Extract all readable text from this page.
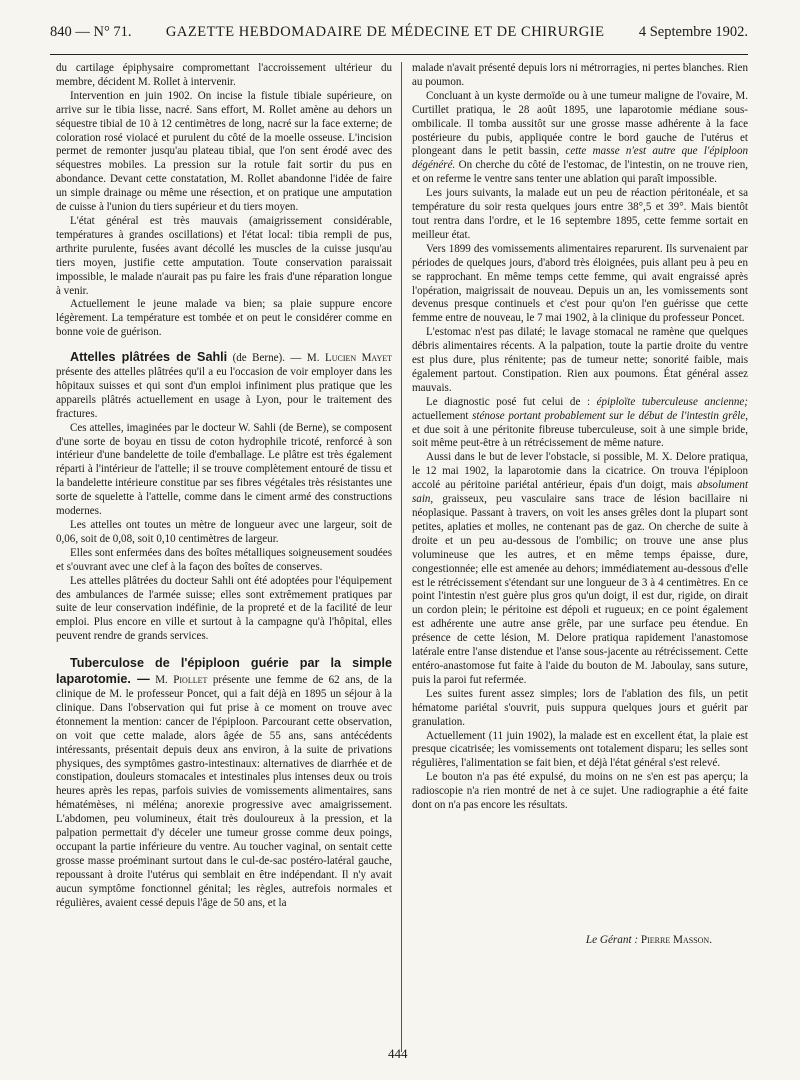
840 — N° 71. GAZETTE HEBDOMADAIRE DE MÉDECINE ET DE CHIRURGIE 4 Septembre 1902.

du cartilage épiphysaire compromettant l'accroissement ultérieur du membre, décident M. Rollet à intervenir.

Intervention en juin 1902. On incise la fistule tibiale supérieure, on arrive sur le tibia lisse, nacré. Sans effort, M. Rollet amène au dehors un séquestre tibial de 10 à 12 centimètres de long, nacré sur la face externe; de coloration rosé violacé et purulent du côté de la moelle osseuse. L'incision permet de remonter jusqu'au plateau tibial, que l'on sent érodé avec des séquestres mobiles. La pression sur la rotule fait sortir du pus en abondance. Devant cette constatation, M. Rollet abandonne l'idée de faire un simple drainage ou même une résection, et on pratique une amputation de cuisse à l'union du tiers supérieur et du tiers moyen.

L'état général est très mauvais (amaigrissement considérable, températures à grandes oscillations) et l'état local: tibia rempli de pus, arthrite purulente, fusées avant décollé les muscles de la cuisse jusqu'au tiers moyen, justifie cette amputation. Toute conservation paraissait impossible, le malade n'aurait pas pu faire les frais d'une réparation longue à venir.

Actuellement le jeune malade va bien; sa plaie suppure encore légèrement. La température est tombée et on peut le considérer comme en bonne voie de guérison.

Attelles plâtrées de Sahli (de Berne). — M. Lucien Mayet présente des attelles plâtrées qu'il a eu l'occasion de voir employer dans les hôpitaux suisses et qui sont d'un emploi infiniment plus pratique que les appareils plâtrés actuellement en usage à Lyon, pour le traitement des fractures.

Ces attelles, imaginées par le docteur W. Sahli (de Berne), se composent d'une sorte de boyau en tissu de coton hydrophile tricoté, renforcé à son intérieur d'une bandelette de toile d'emballage. Le plâtre est très également réparti à l'intérieur de l'attelle; il se trouve complètement entouré de tissu et la bandelette intérieure constitue par ses fibres végétales très résistantes une sorte de squelette à l'attelle, comme dans le ciment armé des constructions modernes.

Les attelles ont toutes un mètre de longueur avec une largeur, soit de 0,06, soit de 0,08, soit 0,10 centimètres de largeur.

Elles sont enfermées dans des boîtes métalliques soigneusement soudées et s'ouvrant avec une clef à la façon des boîtes de conserves.

Les attelles plâtrées du docteur Sahli ont été adoptées pour l'équipement des ambulances de l'armée suisse; elles sont extrêmement pratiques par suite de leur conservation indéfinie, de la propreté et de la facilité de leur emploi. Plus encore en ville et surtout à la campagne qu'à l'hôpital, elles peuvent rendre de grands services.

Tuberculose de l'épiploon guérie par la simple laparotomie. — M. Piollet présente une femme de 62 ans, de la clinique de M. le professeur Poncet, qui a fait déjà en 1895 un séjour à la clinique. Dans l'observation qui fut prise à ce moment on trouve avec étonnement la mention: cancer de l'épiploon. Parcourant cette observation, on voit que cette malade, alors âgée de 55 ans, sans antécédents intéressants, présentait depuis deux ans environ, à la suite de privations physiques, des symptômes gastro-intestinaux: alternatives de diarrhée et de constipation, douleurs stomacales et intestinales plus intenses deux ou trois heures après les repas, parfois suivies de vomissements alimentaires, sans hématémèses, ni méléna; anorexie progressive avec amaigrissement. L'abdomen, peu volumineux, était très douloureux à la pression, et la palpation permettait d'y déceler une tumeur grosse comme deux poings, occupant la partie inférieure du ventre. Au toucher vaginal, on sentait cette grosse masse proéminant surtout dans le cul-de-sac postéro-latéral gauche, repoussant à droite l'utérus qui semblait en être indépendant. Il n'y avait aucun symptôme fonctionnel génital; les règles, autrefois normales et régulières, avaient cessé depuis l'âge de 50 ans, et la

malade n'avait présenté depuis lors ni métrorragies, ni pertes blanches. Rien au poumon.

Concluant à un kyste dermoïde ou à une tumeur maligne de l'ovaire, M. Curtillet pratiqua, le 28 août 1895, une laparotomie médiane sous-ombilicale. Il tomba aussitôt sur une grosse masse adhérente à la face postérieure du pubis, appliquée contre le bord gauche de l'utérus et plongeant dans le petit bassin, cette masse n'est autre que l'épiploon dégénéré. On cherche du côté de l'estomac, de l'intestin, on ne trouve rien, et on referme le ventre sans tenter une ablation qui paraît impossible.

Les jours suivants, la malade eut un peu de réaction péritonéale, et sa température du soir resta quelques jours entre 38°,5 et 39°. Mais bientôt tout rentra dans l'ordre, et le 16 septembre 1895, cette femme sortait en meilleur état.

Vers 1899 des vomissements alimentaires reparurent. Ils survenaient par périodes de quelques jours, d'abord très éloignées, puis allant peu à peu en se rapprochant. En même temps cette femme, qui avait engraissé après l'opération, maigrissait de nouveau. Depuis un an, les vomissements sont devenus presque continuels et c'est pour qu'on l'en guérisse que cette femme entre de nouveau, le 7 mai 1902, à la clinique du professeur Poncet.

L'estomac n'est pas dilaté; le lavage stomacal ne ramène que quelques débris alimentaires récents. A la palpation, toute la partie droite du ventre est plus dure, plus rénitente; pas de tumeur nette; sonorité faible, mais également partout. Constipation. Rien aux poumons. État général assez mauvais.

Le diagnostic posé fut celui de : épiploïte tuberculeuse ancienne; actuellement sténose portant probablement sur le début de l'intestin grêle, et due soit à une péritonite fibreuse tuberculeuse, soit à une simple bride, soit même peut-être à un rétrécissement de même nature.

Aussi dans le but de lever l'obstacle, si possible, M. X. Delore pratiqua, le 12 mai 1902, la laparotomie dans la cicatrice. On trouva l'épiploon accolé au péritoine pariétal antérieur, épais d'un doigt, mais absolument sain, graisseux, peu vasculaire sans trace de lésion bacillaire ni néoplasique. Passant à travers, on voit les anses grêles dont la plupart sont petites, aplaties et molles, ne contenant pas de gaz. On cherche de suite à droite et un peu au-dessous de l'ombilic; on trouve une anse plus volumineuse que les autres, et en même temps épaisse, dure, congestionnée; elle est amenée au dehors; immédiatement au-dessous d'elle est le rétrécissement s'étendant sur une longueur de 3 à 4 centimètres. En ce point l'intestin n'est guère plus gros qu'un doigt, il est dur, rigide, on dirait un cordon plein; le péritoine est dépoli et rugueux; en ce point également est adhérente une autre anse grêle, par une surface peu étendue. En présence de cette lésion, M. Delore pratiqua rapidement l'anastomose latérale entre l'anse distendue et l'anse sous-jacente au rétrécissement. Cette entéro-anastomose fut faite à l'aide du bouton de M. Jaboulay, sans suture, puis la paroi fut refermée.

Les suites furent assez simples; lors de l'ablation des fils, un petit hématome pariétal s'ouvrit, puis suppura quelques jours et guérit par granulation.

Actuellement (11 juin 1902), la malade est en excellent état, la plaie est presque cicatrisée; les vomissements ont totalement disparu; les selles sont régulières, l'alimentation se fait bien, et déjà l'état général s'est relevé.

Le bouton n'a pas été expulsé, du moins on ne s'en est pas aperçu; la radioscopie n'a rien montré de net à ce sujet. Une radiographie a été faite dont on n'a pas encore les résultats.

Le Gérant : Pierre Masson.
444
